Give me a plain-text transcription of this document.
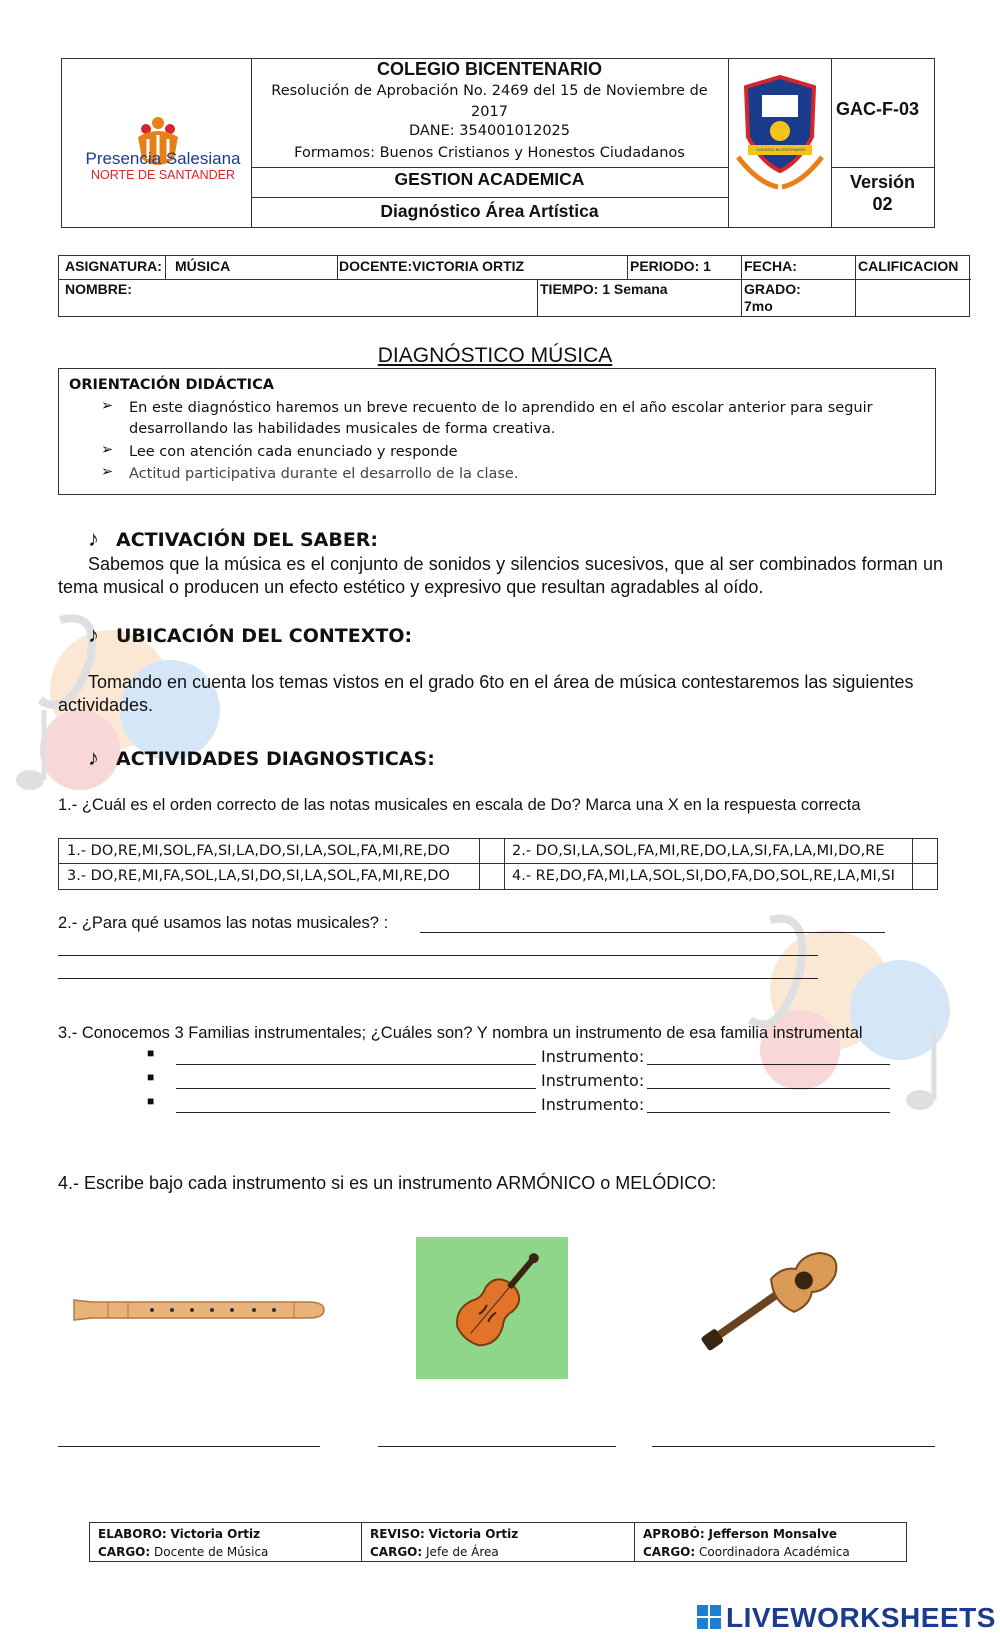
Presencia Salesiana
NORTE DE SANTANDER
COLEGIO BICENTENARIO
Resolución de Aprobación No. 2469 del 15 de Noviembre de 2017
DANE: 354001012025
Formamos: Buenos Cristianos y Honestos Ciudadanos
GESTION ACADEMICA
Diagnóstico Área Artística
COLEGIO BICENTENARIO
GAC-F-03
Versión
02
ASIGNATURA: MÚSICA	DOCENTE:VICTORIA ORTIZ	PERIODO: 1	FECHA:	CALIFICACION
NOMBRE:	TIEMPO: 1 Semana	GRADO:
7mo
DIAGNÓSTICO MÚSICA
ORIENTACIÓN DIDÁCTICA
➢ En este diagnóstico haremos un breve recuento de lo aprendido en el año escolar anterior para seguir desarrollando las habilidades musicales de forma creativa.
➢ Lee con atención cada enunciado y responde
➢ Actitud participativa durante el desarrollo de la clase.
♪ ACTIVACIÓN DEL SABER:
Sabemos que la música es el conjunto de sonidos y silencios sucesivos, que al ser combinados forman un tema musical o producen un efecto estético y expresivo que resultan agradables al oído.
♪ UBICACIÓN DEL CONTEXTO:
Tomando en cuenta los temas vistos en el grado 6to en el área de música contestaremos las siguientes actividades.
♪ ACTIVIDADES DIAGNOSTICAS:
1.- ¿Cuál es el orden correcto de las notas musicales en escala de Do? Marca una X en la respuesta correcta
1.- DO,RE,MI,SOL,FA,SI,LA,DO,SI,LA,SOL,FA,MI,RE,DO	2.- DO,SI,LA,SOL,FA,MI,RE,DO,LA,SI,FA,LA,MI,DO,RE
3.- DO,RE,MI,FA,SOL,LA,SI,DO,SI,LA,SOL,FA,MI,RE,DO	4.- RE,DO,FA,MI,LA,SOL,SI,DO,FA,DO,SOL,RE,LA,MI,SI
2.- ¿Para qué usamos las notas musicales? :
3.- Conocemos 3 Familias instrumentales; ¿Cuáles son? Y nombra un instrumento de esa familia instrumental
■	Instrumento:
■	Instrumento:
■	Instrumento:
4.- Escribe bajo cada instrumento si es un instrumento ARMÓNICO o MELÓDICO:
ELABORO: Victoria Ortiz
CARGO: Docente de Música
REVISO: Victoria Ortiz
CARGO: Jefe de Área
APROBÓ: Jefferson Monsalve
CARGO: Coordinadora Académica
LIVEWORKSHEETS
